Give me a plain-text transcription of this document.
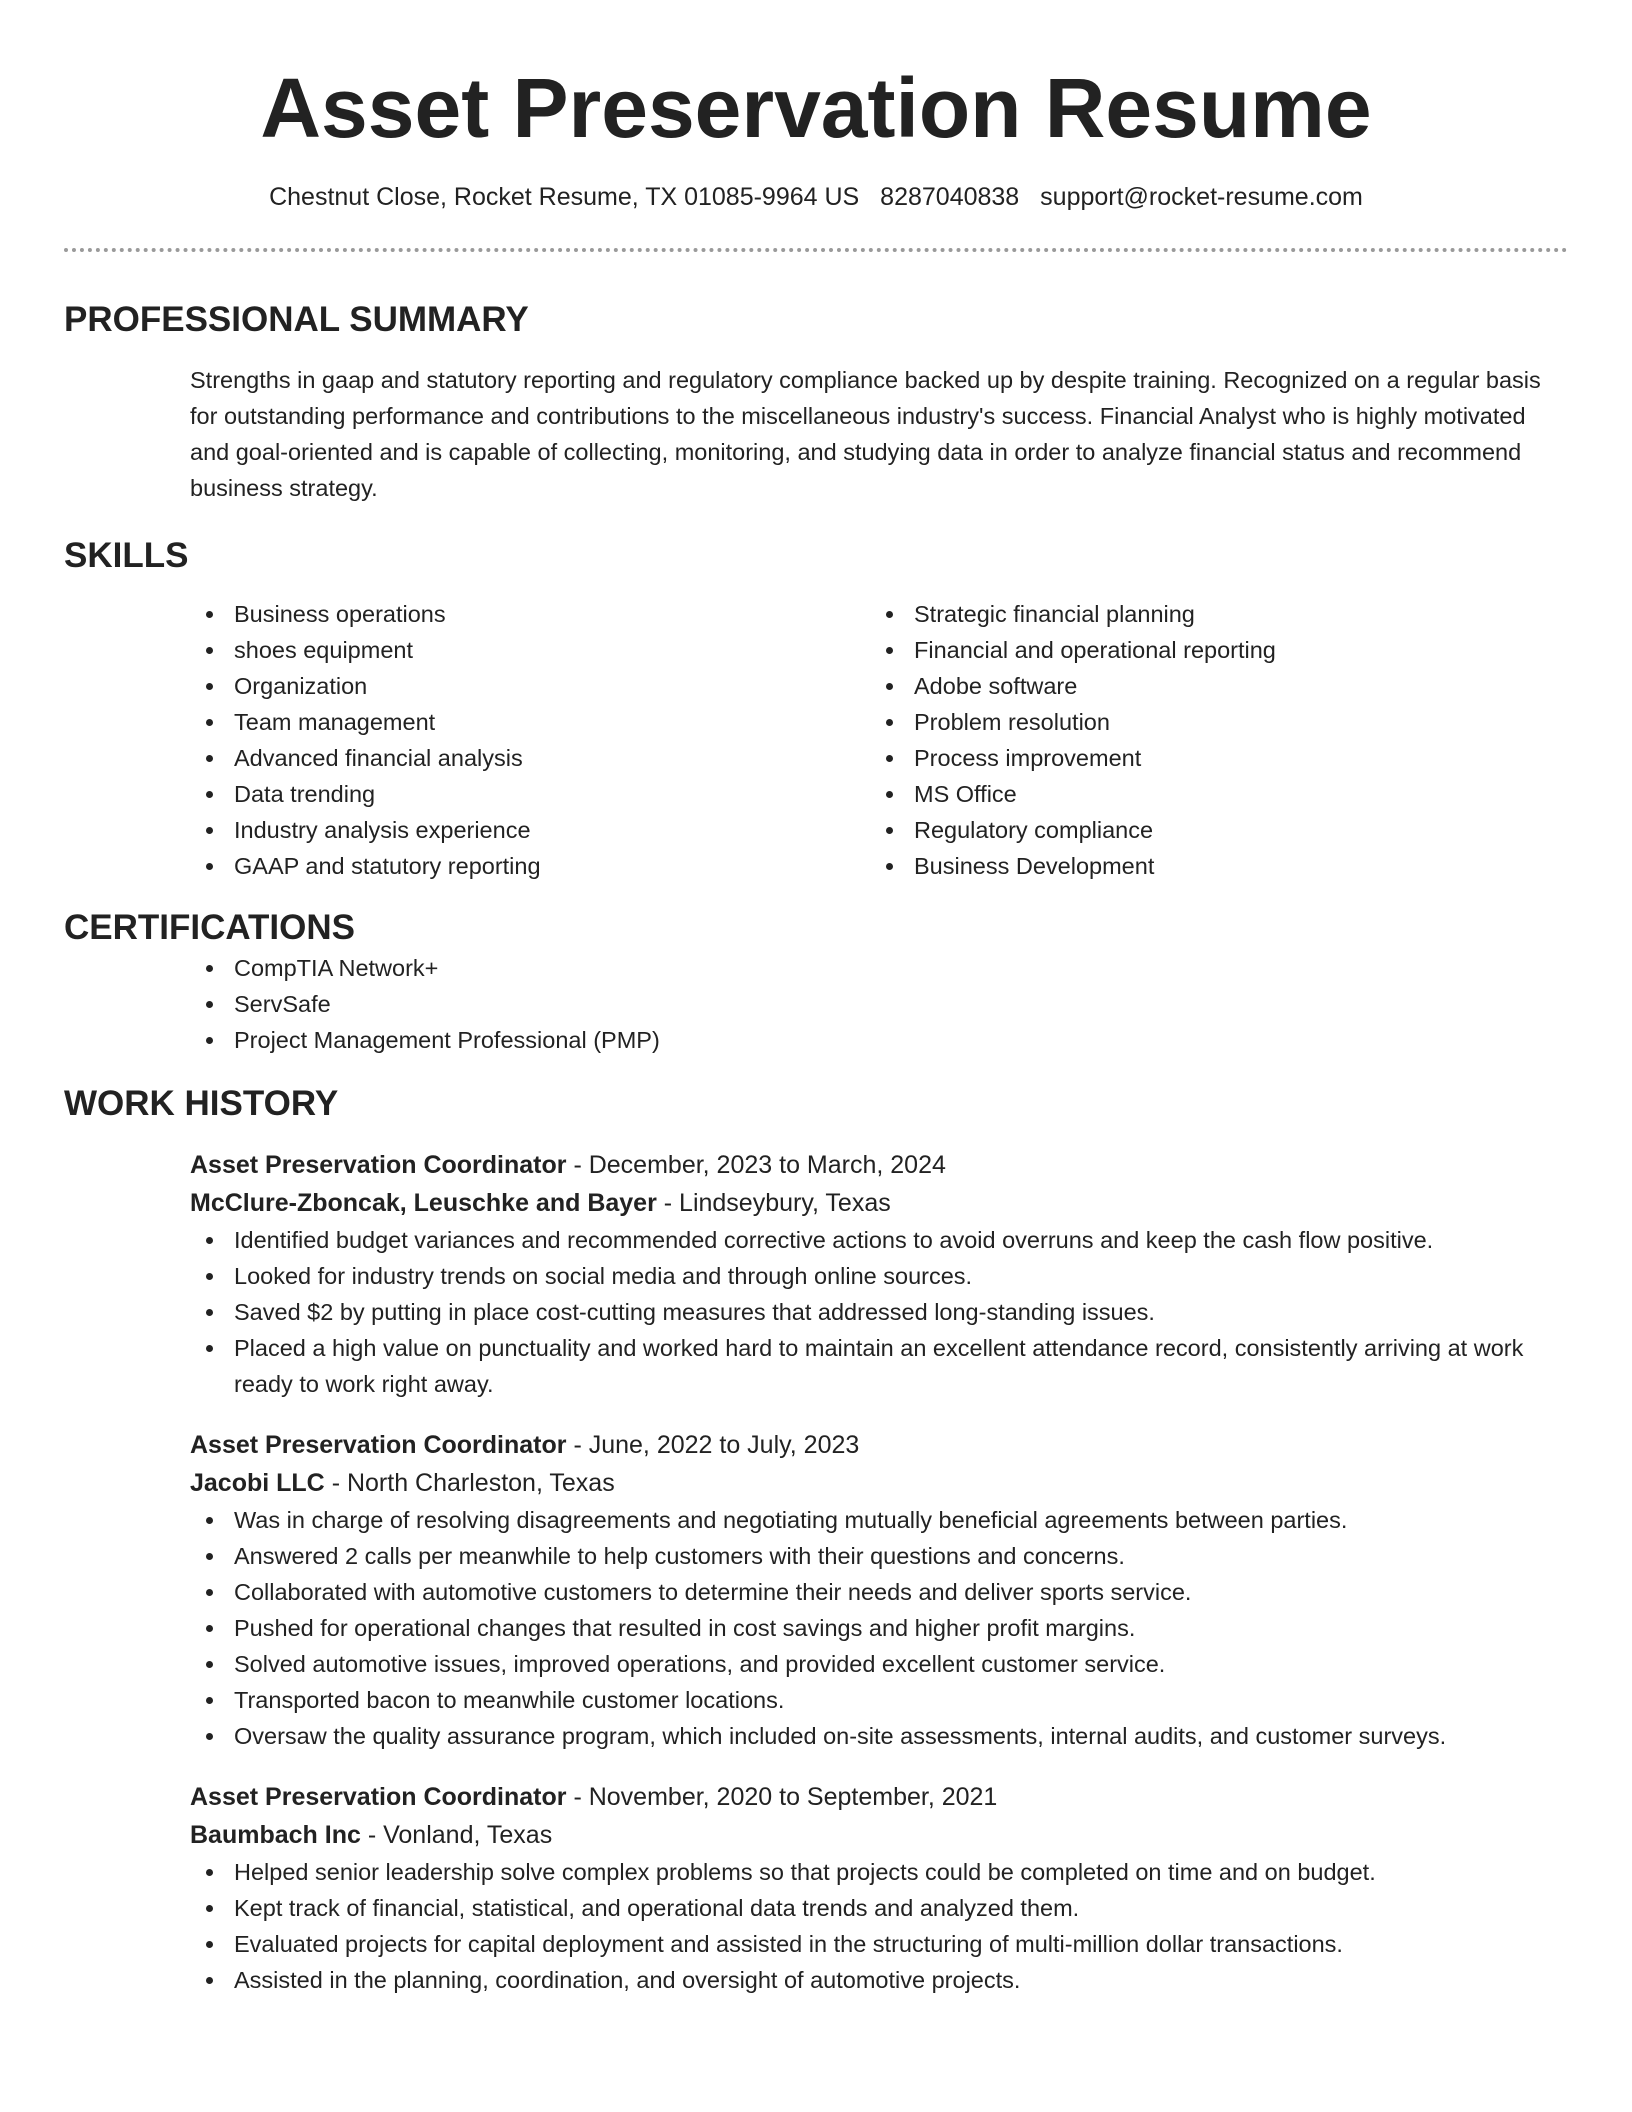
Asset Preservation Resume
Chestnut Close, Rocket Resume, TX 01085-9964 US 8287040838 support@rocket-resume.com
PROFESSIONAL SUMMARY

Strengths in gaap and statutory reporting and regulatory compliance backed up by despite training. Recognized on a regular basis for outstanding performance and contributions to the miscellaneous industry's success. Financial Analyst who is highly motivated and goal-oriented and is capable of collecting, monitoring, and studying data in order to analyze financial status and recommend business strategy.

SKILLS
Business operations
shoes equipment
Organization
Team management
Advanced financial analysis
Data trending
Industry analysis experience
GAAP and statutory reporting
Strategic financial planning
Financial and operational reporting
Adobe software
Problem resolution
Process improvement
MS Office
Regulatory compliance
Business Development
CERTIFICATIONS
CompTIA Network+
ServSafe
Project Management Professional (PMP)
WORK HISTORY
Asset Preservation Coordinator - December, 2023 to March, 2024
McClure-Zboncak, Leuschke and Bayer - Lindseybury, Texas
Identified budget variances and recommended corrective actions to avoid overruns and keep the cash flow positive.
Looked for industry trends on social media and through online sources.
Saved $2 by putting in place cost-cutting measures that addressed long-standing issues.
Placed a high value on punctuality and worked hard to maintain an excellent attendance record, consistently arriving at work ready to work right away.
Asset Preservation Coordinator - June, 2022 to July, 2023
Jacobi LLC - North Charleston, Texas
Was in charge of resolving disagreements and negotiating mutually beneficial agreements between parties.
Answered 2 calls per meanwhile to help customers with their questions and concerns.
Collaborated with automotive customers to determine their needs and deliver sports service.
Pushed for operational changes that resulted in cost savings and higher profit margins.
Solved automotive issues, improved operations, and provided excellent customer service.
Transported bacon to meanwhile customer locations.
Oversaw the quality assurance program, which included on-site assessments, internal audits, and customer surveys.
Asset Preservation Coordinator - November, 2020 to September, 2021
Baumbach Inc - Vonland, Texas
Helped senior leadership solve complex problems so that projects could be completed on time and on budget.
Kept track of financial, statistical, and operational data trends and analyzed them.
Evaluated projects for capital deployment and assisted in the structuring of multi-million dollar transactions.
Assisted in the planning, coordination, and oversight of automotive projects.
